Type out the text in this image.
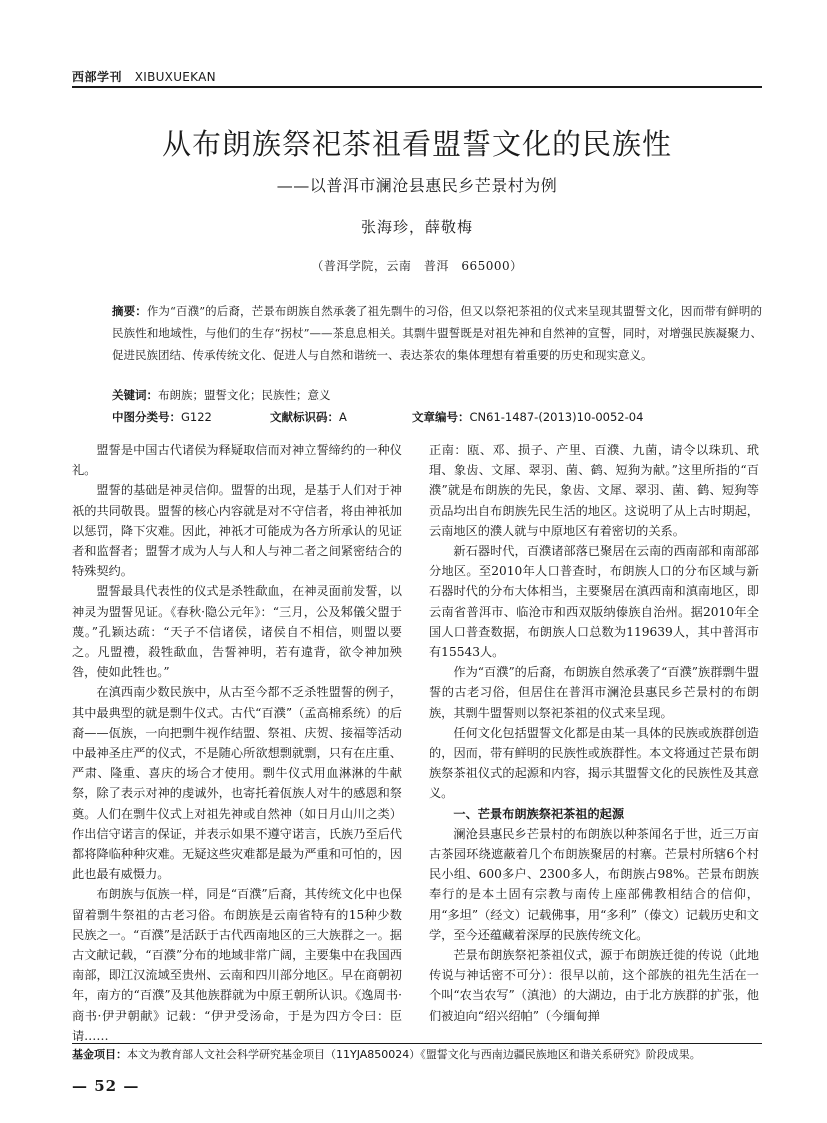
西部学刊 XIBUXUEKAN
从布朗族祭祀茶祖看盟誓文化的民族性
——以普洱市澜沧县惠民乡芒景村为例
张海珍，薛敬梅
（普洱学院，云南　普洱　665000）
摘要：作为“百濮”的后裔，芒景布朗族自然承袭了祖先剽牛的习俗，但又以祭祀茶祖的仪式来呈现其盟誓文化，因而带有鲜明的民族性和地域性，与他们的生存“拐杖”——茶息息相关。其剽牛盟誓既是对祖先神和自然神的宣誓，同时，对增强民族凝聚力、促进民族团结、传承传统文化、促进人与自然和谐统一、表达茶农的集体理想有着重要的历史和现实意义。
关键词：布朗族；盟誓文化；民族性；意义
中图分类号：G122	文献标识码：A	文章编号：CN61-1487-(2013)10-0052-04

盟誓是中国古代诸侯为释疑取信而对神立誓缔约的一种仪礼。

盟誓的基础是神灵信仰。盟誓的出现，是基于人们对于神祇的共同敬畏。盟誓的核心内容就是对不守信者，将由神祇加以惩罚，降下灾难。因此，神祇才可能成为各方所承认的见证者和监督者；盟誓才成为人与人和人与神二者之间紧密结合的特殊契约。

盟誓最具代表性的仪式是杀牲歃血，在神灵面前发誓，以神灵为盟誓见证。《春秋·隐公元年》：“三月，公及邾儀父盟于蔑。”孔颖达疏：“天子不信诸侯，诸侯自不相信，则盟以要之。凡盟禮，殺牲歃血，告誓神明，若有違背，欲令神加殃咎，使如此牲也。”

在滇西南少数民族中，从古至今都不乏杀牲盟誓的例子，其中最典型的就是剽牛仪式。古代“百濮”（孟高棉系统）的后裔——佤族，一向把剽牛视作结盟、祭祖、庆贺、接福等活动中最神圣庄严的仪式，不是随心所欲想剽就剽，只有在庄重、严肃、隆重、喜庆的场合才使用。剽牛仪式用血淋淋的牛献祭，除了表示对神的虔诚外，也寄托着佤族人对牛的感恩和祭奠。人们在剽牛仪式上对祖先神或自然神（如日月山川之类）作出信守诺言的保证，并表示如果不遵守诺言，氏族乃至后代都将降临种种灾难。无疑这些灾难都是最为严重和可怕的，因此也最有威慑力。

布朗族与佤族一样，同是“百濮”后裔，其传统文化中也保留着剽牛祭祖的古老习俗。布朗族是云南省特有的15种少数民族之一。“百濮”是活跃于古代西南地区的三大族群之一。据古文献记载，“百濮”分布的地域非常广阔，主要集中在我国西南部，即江汉流域至贵州、云南和四川部分地区。早在商朝初年，南方的“百濮”及其他族群就为中原王朝所认识。《逸周书·商书·伊尹朝献》记载：“伊尹受汤命，于是为四方令曰：臣请……

正南：瓯、邓、损子、产里、百濮、九菌，请令以珠玑、玳瑁、象齿、文犀、翠羽、菌、鹤、短狗为献。”这里所指的“百濮”就是布朗族的先民，象齿、文犀、翠羽、菌、鹤、短狗等贡品均出自布朗族先民生活的地区。这说明了从上古时期起，云南地区的濮人就与中原地区有着密切的关系。

新石器时代，百濮诸部落已聚居在云南的西南部和南部部分地区。至2010年人口普查时，布朗族人口的分布区域与新石器时代的分布大体相当，主要聚居在滇西南和滇南地区，即云南省普洱市、临沧市和西双版纳傣族自治州。据2010年全国人口普查数据，布朗族人口总数为119639人，其中普洱市有15543人。

作为“百濮”的后裔，布朗族自然承袭了“百濮”族群剽牛盟誓的古老习俗，但居住在普洱市澜沧县惠民乡芒景村的布朗族，其剽牛盟誓则以祭祀茶祖的仪式来呈现。

任何文化包括盟誓文化都是由某一具体的民族或族群创造的，因而，带有鲜明的民族性或族群性。本文将通过芒景布朗族祭茶祖仪式的起源和内容，揭示其盟誓文化的民族性及其意义。

一、芒景布朗族祭祀茶祖的起源

澜沧县惠民乡芒景村的布朗族以种茶闻名于世，近三万亩古茶园环绕遮蔽着几个布朗族聚居的村寨。芒景村所辖6个村民小组、600多户、2300多人，布朗族占98%。芒景布朗族奉行的是本土固有宗教与南传上座部佛教相结合的信仰，用“多坦”（经文）记载佛事，用“多利”（傣文）记载历史和文学，至今还蕴藏着深厚的民族传统文化。

芒景布朗族祭祀茶祖仪式，源于布朗族迁徙的传说（此地传说与神话密不可分）：很早以前，这个部族的祖先生活在一个叫“农当农写”（滇池）的大湖边，由于北方族群的扩张，他们被迫向“绍兴绍帕”（今缅甸掸

基金项目：本文为教育部人文社会科学研究基金项目（11YJA850024）《盟誓文化与西南边疆民族地区和谐关系研究》阶段成果。
— 52 —
